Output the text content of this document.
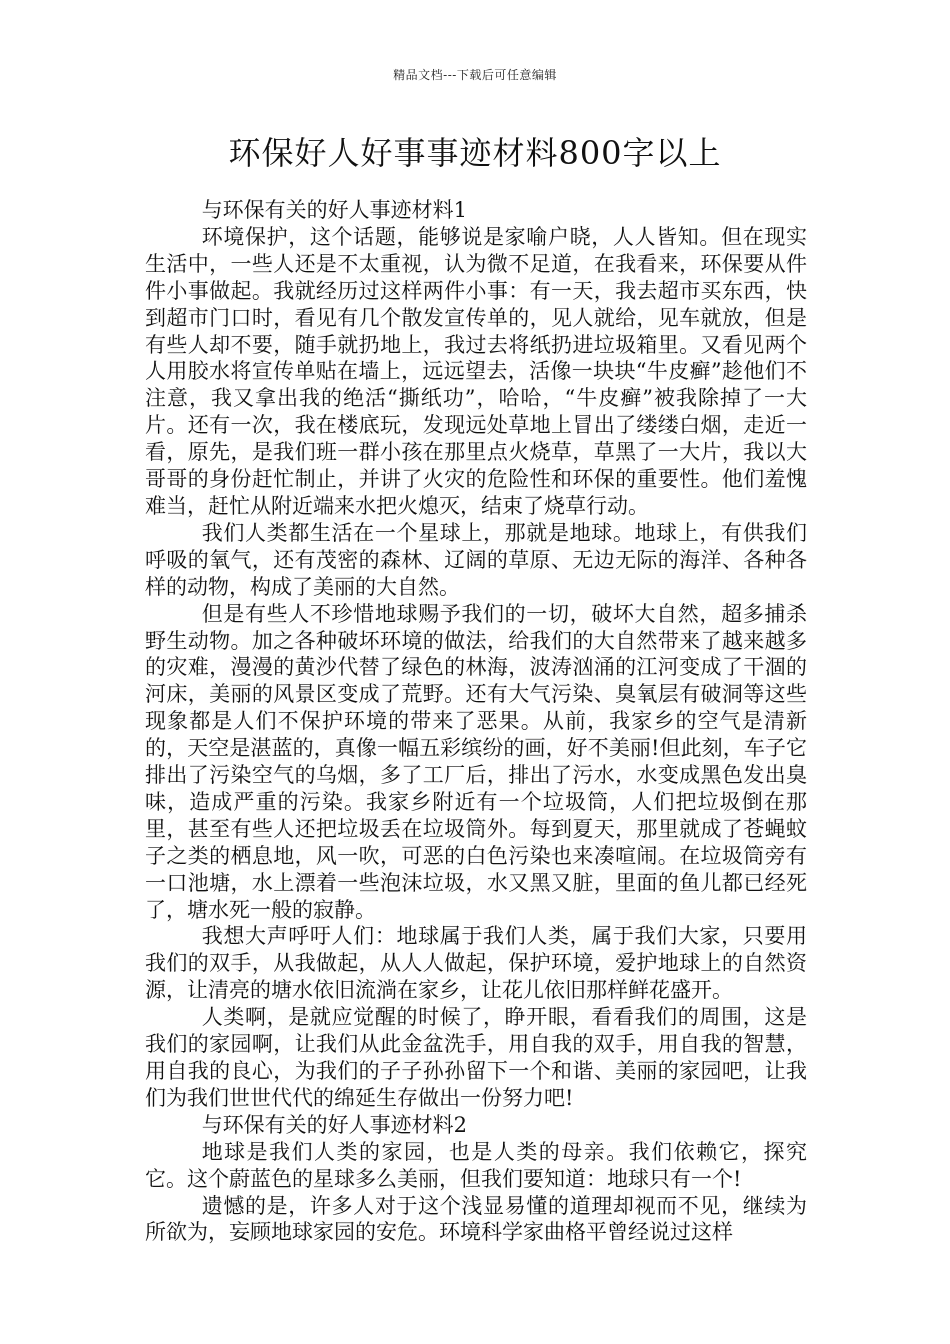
精品文档---下载后可任意编辑
环保好人好事事迹材料800字以上

与环保有关的好人事迹材料1

环境保护，这个话题，能够说是家喻户晓，人人皆知。但在现实生活中，一些人还是不太重视，认为微不足道，在我看来，环保要从件件小事做起。我就经历过这样两件小事：有一天，我去超市买东西，快到超市门口时，看见有几个散发宣传单的，见人就给，见车就放，但是有些人却不要，随手就扔地上，我过去将纸扔进垃圾箱里。又看见两个人用胶水将宣传单贴在墙上，远远望去，活像一块块“牛皮癣”趁他们不注意，我又拿出我的绝活“撕纸功”，哈哈，“牛皮癣”被我除掉了一大片。还有一次，我在楼底玩，发现远处草地上冒出了缕缕白烟，走近一看，原先，是我们班一群小孩在那里点火烧草，草黑了一大片，我以大哥哥的身份赶忙制止，并讲了火灾的危险性和环保的重要性。他们羞愧难当，赶忙从附近端来水把火熄灭，结束了烧草行动。

我们人类都生活在一个星球上，那就是地球。地球上，有供我们呼吸的氧气，还有茂密的森林、辽阔的草原、无边无际的海洋、各种各样的动物，构成了美丽的大自然。

但是有些人不珍惜地球赐予我们的一切，破坏大自然，超多捕杀野生动物。加之各种破坏环境的做法，给我们的大自然带来了越来越多的灾难，漫漫的黄沙代替了绿色的林海，波涛汹涌的江河变成了干涸的河床，美丽的风景区变成了荒野。还有大气污染、臭氧层有破洞等这些现象都是人们不保护环境的带来了恶果。从前，我家乡的空气是清新的，天空是湛蓝的，真像一幅五彩缤纷的画，好不美丽!但此刻，车子它排出了污染空气的乌烟，多了工厂后，排出了污水，水变成黑色发出臭味，造成严重的污染。我家乡附近有一个垃圾筒，人们把垃圾倒在那里，甚至有些人还把垃圾丢在垃圾筒外。每到夏天，那里就成了苍蝇蚊子之类的栖息地，风一吹，可恶的白色污染也来凑喧闹。在垃圾筒旁有一口池塘，水上漂着一些泡沫垃圾，水又黑又脏，里面的鱼儿都已经死了，塘水死一般的寂静。

我想大声呼吁人们：地球属于我们人类，属于我们大家，只要用我们的双手，从我做起，从人人做起，保护环境，爱护地球上的自然资源，让清亮的塘水依旧流淌在家乡，让花儿依旧那样鲜花盛开。

人类啊，是就应觉醒的时候了，睁开眼，看看我们的周围，这是我们的家园啊，让我们从此金盆洗手，用自我的双手，用自我的智慧，用自我的良心，为我们的子子孙孙留下一个和谐、美丽的家园吧，让我们为我们世世代代的绵延生存做出一份努力吧!

与环保有关的好人事迹材料2

地球是我们人类的家园，也是人类的母亲。我们依赖它，探究它。这个蔚蓝色的星球多么美丽，但我们要知道：地球只有一个!

遗憾的是，许多人对于这个浅显易懂的道理却视而不见，继续为所欲为，妄顾地球家园的安危。环境科学家曲格平曾经说过这样
